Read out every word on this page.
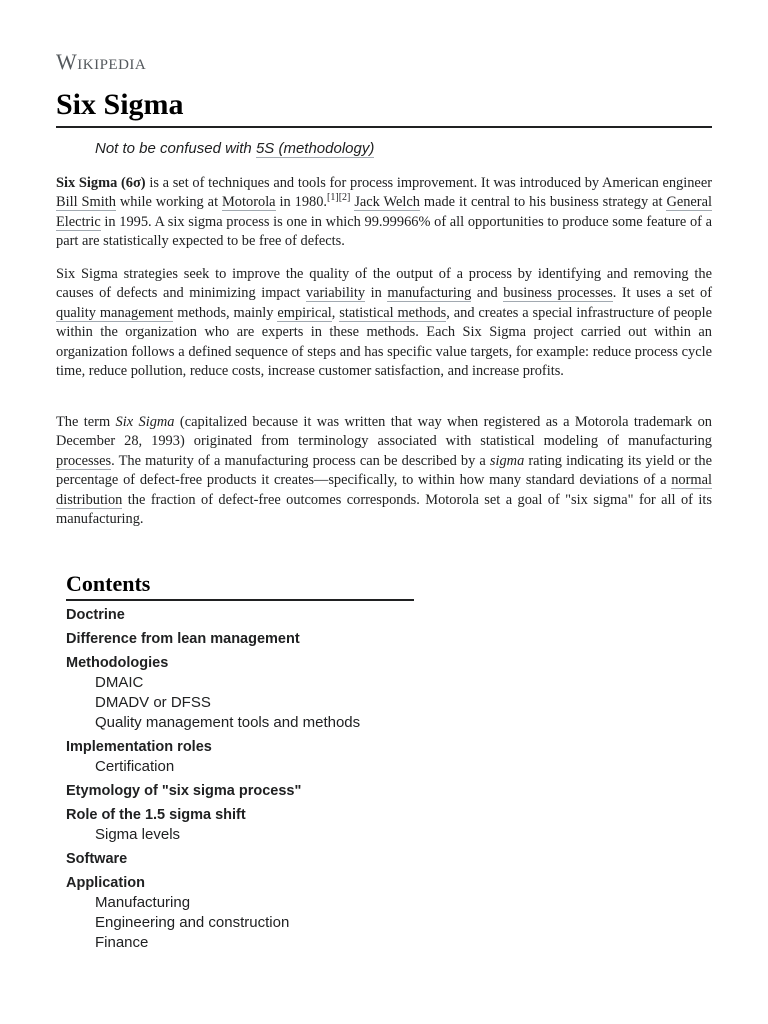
Wikipedia
Six Sigma
Not to be confused with 5S (methodology)

Six Sigma (6σ) is a set of techniques and tools for process improvement. It was introduced by American engineer Bill Smith while working at Motorola in 1980.[1][2] Jack Welch made it central to his business strategy at General Electric in 1995. A six sigma process is one in which 99.99966% of all opportunities to produce some feature of a part are statistically expected to be free of defects.

Six Sigma strategies seek to improve the quality of the output of a process by identifying and removing the causes of defects and minimizing impact variability in manufacturing and business processes. It uses a set of quality management methods, mainly empirical, statistical methods, and creates a special infrastructure of people within the organization who are experts in these methods. Each Six Sigma project carried out within an organization follows a defined sequence of steps and has specific value targets, for example: reduce process cycle time, reduce pollution, reduce costs, increase customer satisfaction, and increase profits.

The term Six Sigma (capitalized because it was written that way when registered as a Motorola trademark on December 28, 1993) originated from terminology associated with statistical modeling of manufacturing processes. The maturity of a manufacturing process can be described by a sigma rating indicating its yield or the percentage of defect-free products it creates—specifically, to within how many standard deviations of a normal distribution the fraction of defect-free outcomes corresponds. Motorola set a goal of "six sigma" for all of its manufacturing.

Contents
Doctrine
Difference from lean management
Methodologies
DMAIC
DMADV or DFSS
Quality management tools and methods
Implementation roles
Certification
Etymology of "six sigma process"
Role of the 1.5 sigma shift
Sigma levels
Software
Application
Manufacturing
Engineering and construction
Finance
